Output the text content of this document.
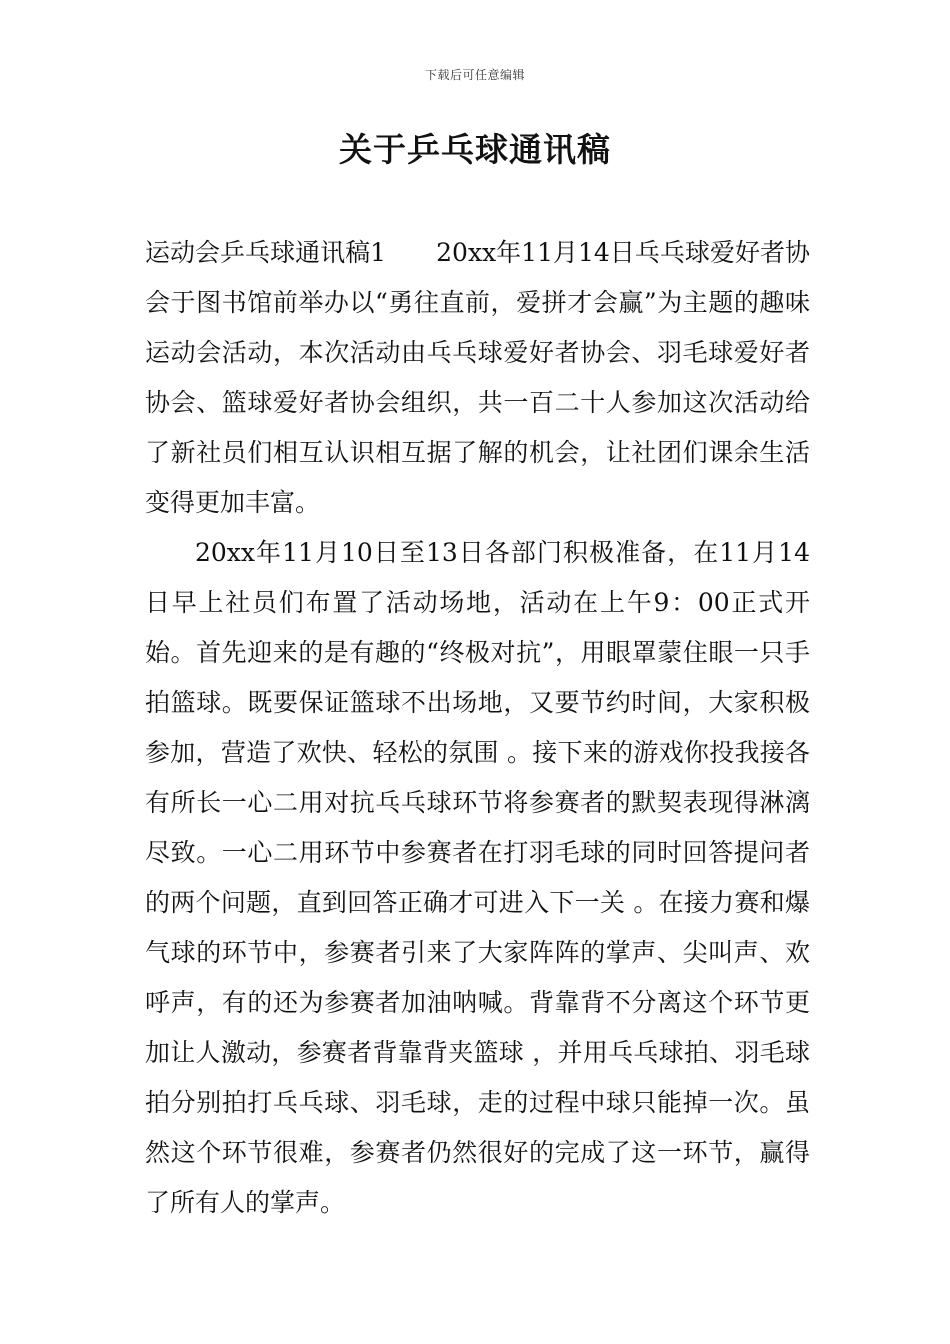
下载后可任意编辑
关于乒乓球通讯稿

运动会乒乓球通讯稿1　　20xx年11月14日乓乓球爱好者协会于图书馆前举办以“勇往直前，爱拼才会赢”为主题的趣味运动会活动，本次活动由乓乓球爱好者协会、羽毛球爱好者协会、篮球爱好者协会组织，共一百二十人参加这次活动给了新社员们相互认识相互据了解的机会，让社团们课余生活变得更加丰富。

20xx年11月10日至13日各部门积极准备，在11月14日早上社员们布置了活动场地，活动在上午9：00正式开始。首先迎来的是有趣的“终极对抗”，用眼罩蒙住眼一只手拍篮球。既要保证篮球不出场地，又要节约时间，大家积极参加，营造了欢快、轻松的氛围 。接下来的游戏你投我接各有所长一心二用对抗乓乓球环节将参赛者的默契表现得淋漓尽致。一心二用环节中参赛者在打羽毛球的同时回答提问者的两个问题，直到回答正确才可进入下一关 。在接力赛和爆气球的环节中，参赛者引来了大家阵阵的掌声、尖叫声、欢呼声，有的还为参赛者加油呐喊。背靠背不分离这个环节更加让人激动，参赛者背靠背夹篮球 ，并用乓乓球拍、羽毛球拍分别拍打乓乓球、羽毛球，走的过程中球只能掉一次。虽然这个环节很难，参赛者仍然很好的完成了这一环节，赢得了所有人的掌声。
